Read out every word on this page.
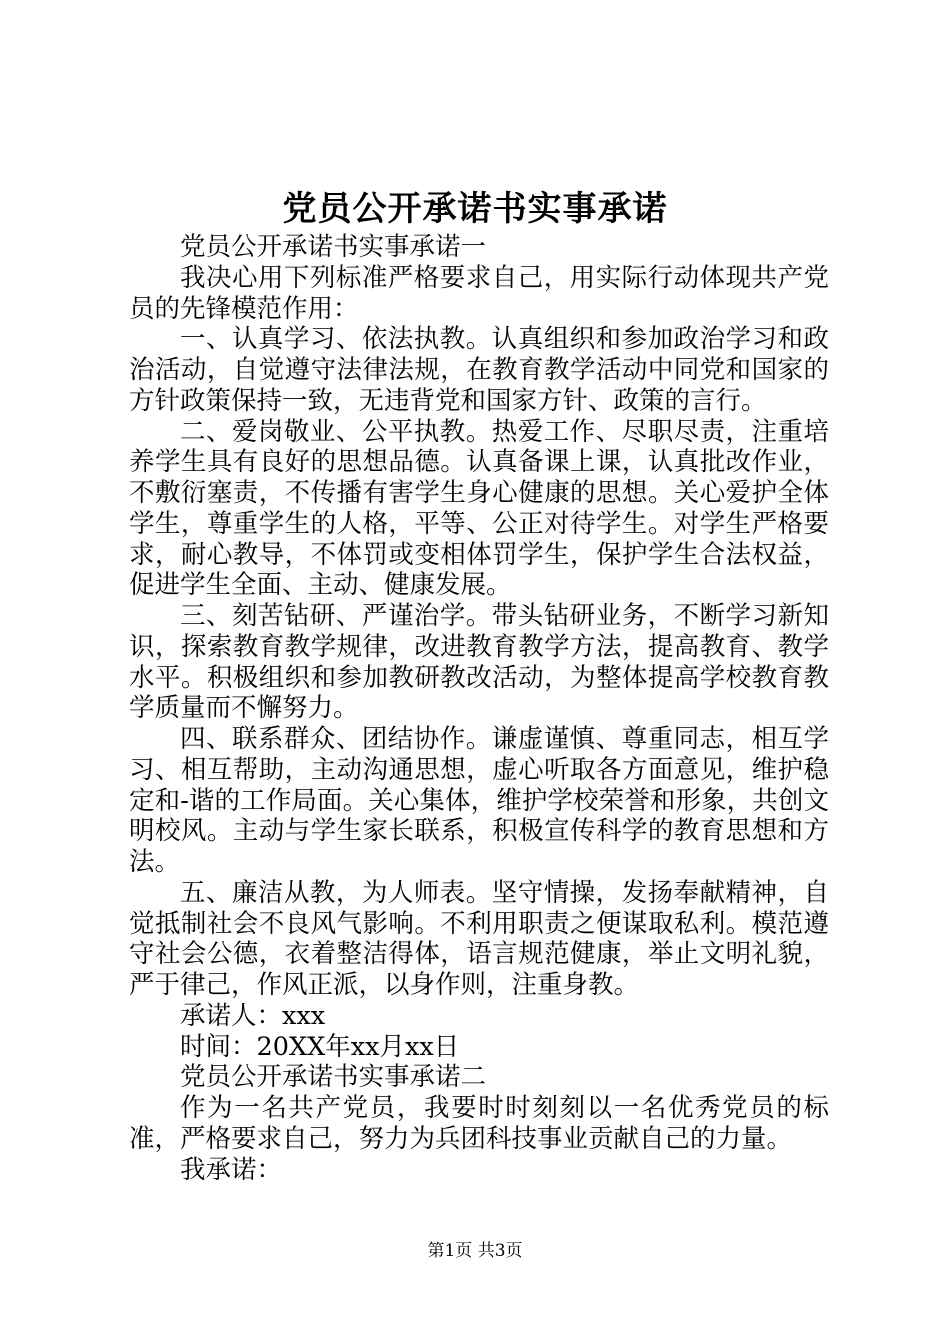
党员公开承诺书实事承诺

党员公开承诺书实事承诺一

我决心用下列标准严格要求自己，用实际行动体现共产党员的先锋模范作用：

一、认真学习、依法执教。认真组织和参加政治学习和政治活动，自觉遵守法律法规，在教育教学活动中同党和国家的方针政策保持一致，无违背党和国家方针、政策的言行。

二、爱岗敬业、公平执教。热爱工作、尽职尽责，注重培养学生具有良好的思想品德。认真备课上课，认真批改作业，不敷衍塞责，不传播有害学生身心健康的思想。关心爱护全体学生，尊重学生的人格，平等、公正对待学生。对学生严格要求，耐心教导，不体罚或变相体罚学生，保护学生合法权益，促进学生全面、主动、健康发展。

三、刻苦钻研、严谨治学。带头钻研业务，不断学习新知识，探索教育教学规律，改进教育教学方法，提高教育、教学水平。积极组织和参加教研教改活动，为整体提高学校教育教学质量而不懈努力。

四、联系群众、团结协作。谦虚谨慎、尊重同志，相互学习、相互帮助，主动沟通思想，虚心听取各方面意见，维护稳定和-谐的工作局面。关心集体，维护学校荣誉和形象，共创文明校风。主动与学生家长联系，积极宣传科学的教育思想和方法。

五、廉洁从教，为人师表。坚守情操，发扬奉献精神，自觉抵制社会不良风气影响。不利用职责之便谋取私利。模范遵守社会公德，衣着整洁得体，语言规范健康，举止文明礼貌，严于律己，作风正派，以身作则，注重身教。

承诺人：xxx

时间：20XX年xx月xx日

党员公开承诺书实事承诺二

作为一名共产党员，我要时时刻刻以一名优秀党员的标准，严格要求自己，努力为兵团科技事业贡献自己的力量。

我承诺：

第1页 共3页
